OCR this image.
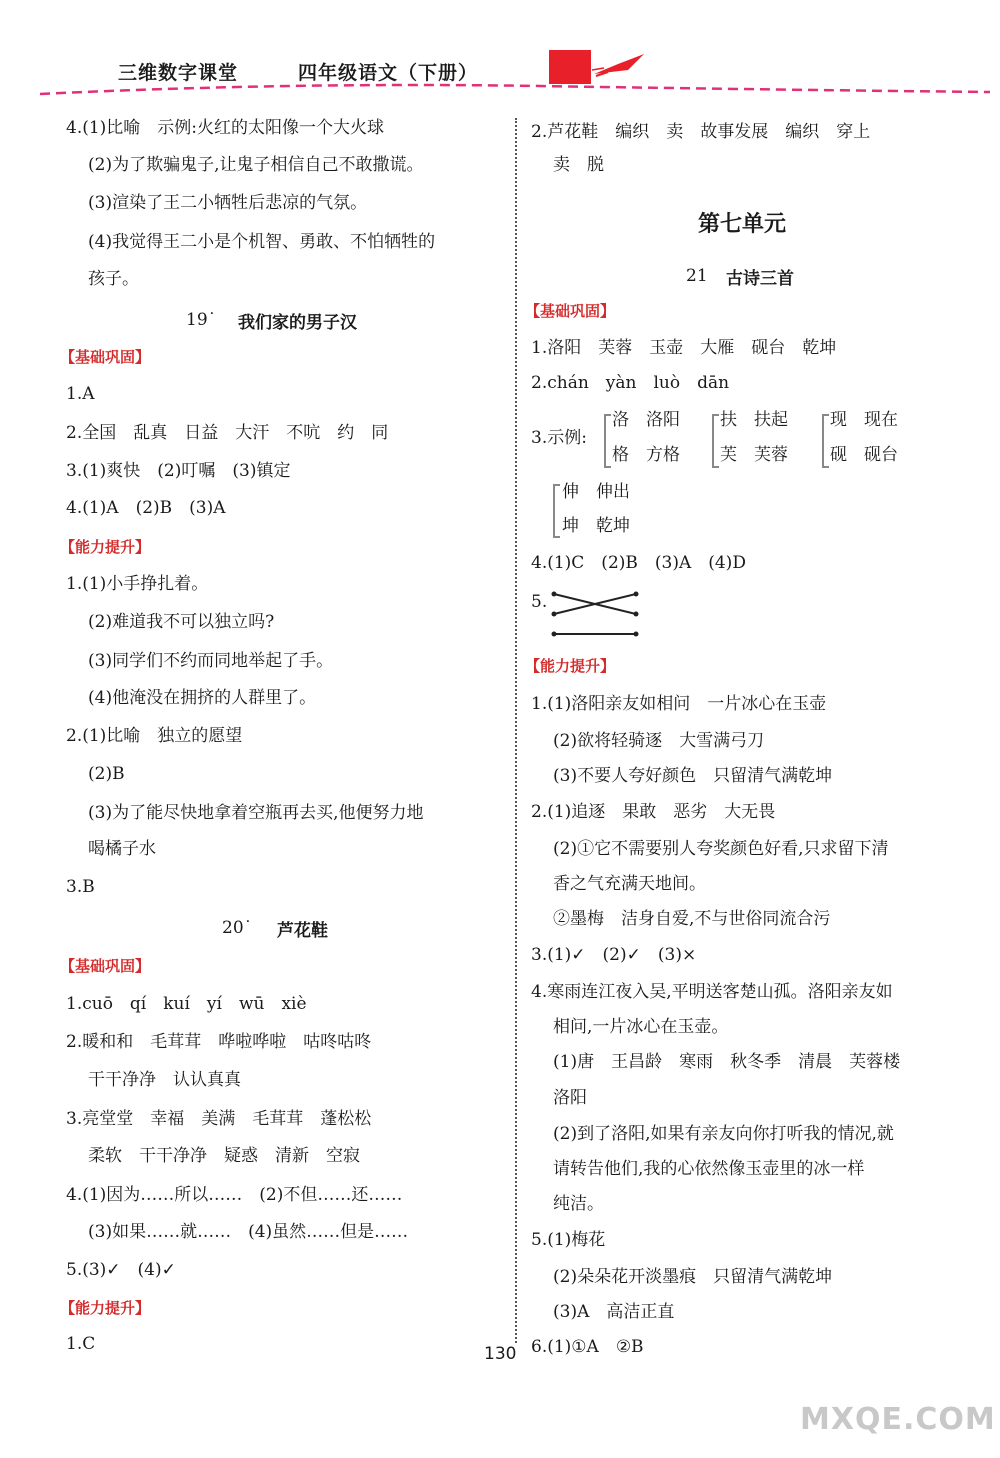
三维数字课堂	四年级语文（下册）
4.(1)比喻　示例:火红的太阳像一个大火球
(2)为了欺骗鬼子,让鬼子相信自己不敢撒谎。
(3)渲染了王二小牺牲后悲凉的气氛。
(4)我觉得王二小是个机智、勇敢、不怕牺牲的
孩子。
19˙ 我们家的男子汉
【基础巩固】
1.A
2.全国　乱真　日益　大汗　不吭　约　同
3.(1)爽快　(2)叮嘱　(3)镇定
4.(1)A　(2)B　(3)A
【能力提升】
1.(1)小手挣扎着。
(2)难道我不可以独立吗?
(3)同学们不约而同地举起了手。
(4)他淹没在拥挤的人群里了。
2.(1)比喻　独立的愿望
(2)B
(3)为了能尽快地拿着空瓶再去买,他便努力地
喝橘子水
3.B
20˙ 芦花鞋
【基础巩固】
1.cuō　qí　kuí　yí　wū　xiè
2.暖和和　毛茸茸　哗啦哗啦　咕咚咕咚
干干净净　认认真真
3.亮堂堂　幸福　美满　毛茸茸　蓬松松
柔软　干干净净　疑惑　清新　空寂
4.(1)因为……所以……　(2)不但……还……
(3)如果……就……　(4)虽然……但是……
5.(3)✓　(4)✓
【能力提升】
1.C
2.芦花鞋　编织　卖　故事发展　编织　穿上
卖　脱
第七单元
21 古诗三首
【基础巩固】
1.洛阳　芙蓉　玉壶　大雁　砚台　乾坤
2.chán　yàn　luò　dān
3.示例:
洛　洛阳
格　方格
扶　扶起
芙　芙蓉
现　现在
砚　砚台
伸　伸出
坤　乾坤
4.(1)C　(2)B　(3)A　(4)D
5.
【能力提升】
1.(1)洛阳亲友如相问　一片冰心在玉壶
(2)欲将轻骑逐　大雪满弓刀
(3)不要人夸好颜色　只留清气满乾坤
2.(1)追逐　果敢　恶劣　大无畏
(2)①它不需要别人夸奖颜色好看,只求留下清
香之气充满天地间。
②墨梅　洁身自爱,不与世俗同流合污
3.(1)✓　(2)✓　(3)×
4.寒雨连江夜入吴,平明送客楚山孤。洛阳亲友如
相问,一片冰心在玉壶。
(1)唐　王昌龄　寒雨　秋冬季　清晨　芙蓉楼
洛阳
(2)到了洛阳,如果有亲友向你打听我的情况,就
请转告他们,我的心依然像玉壶里的冰一样
纯洁。
5.(1)梅花
(2)朵朵花开淡墨痕　只留清气满乾坤
(3)A　高洁正直
6.(1)①A　②B
130
MXQE.COM
